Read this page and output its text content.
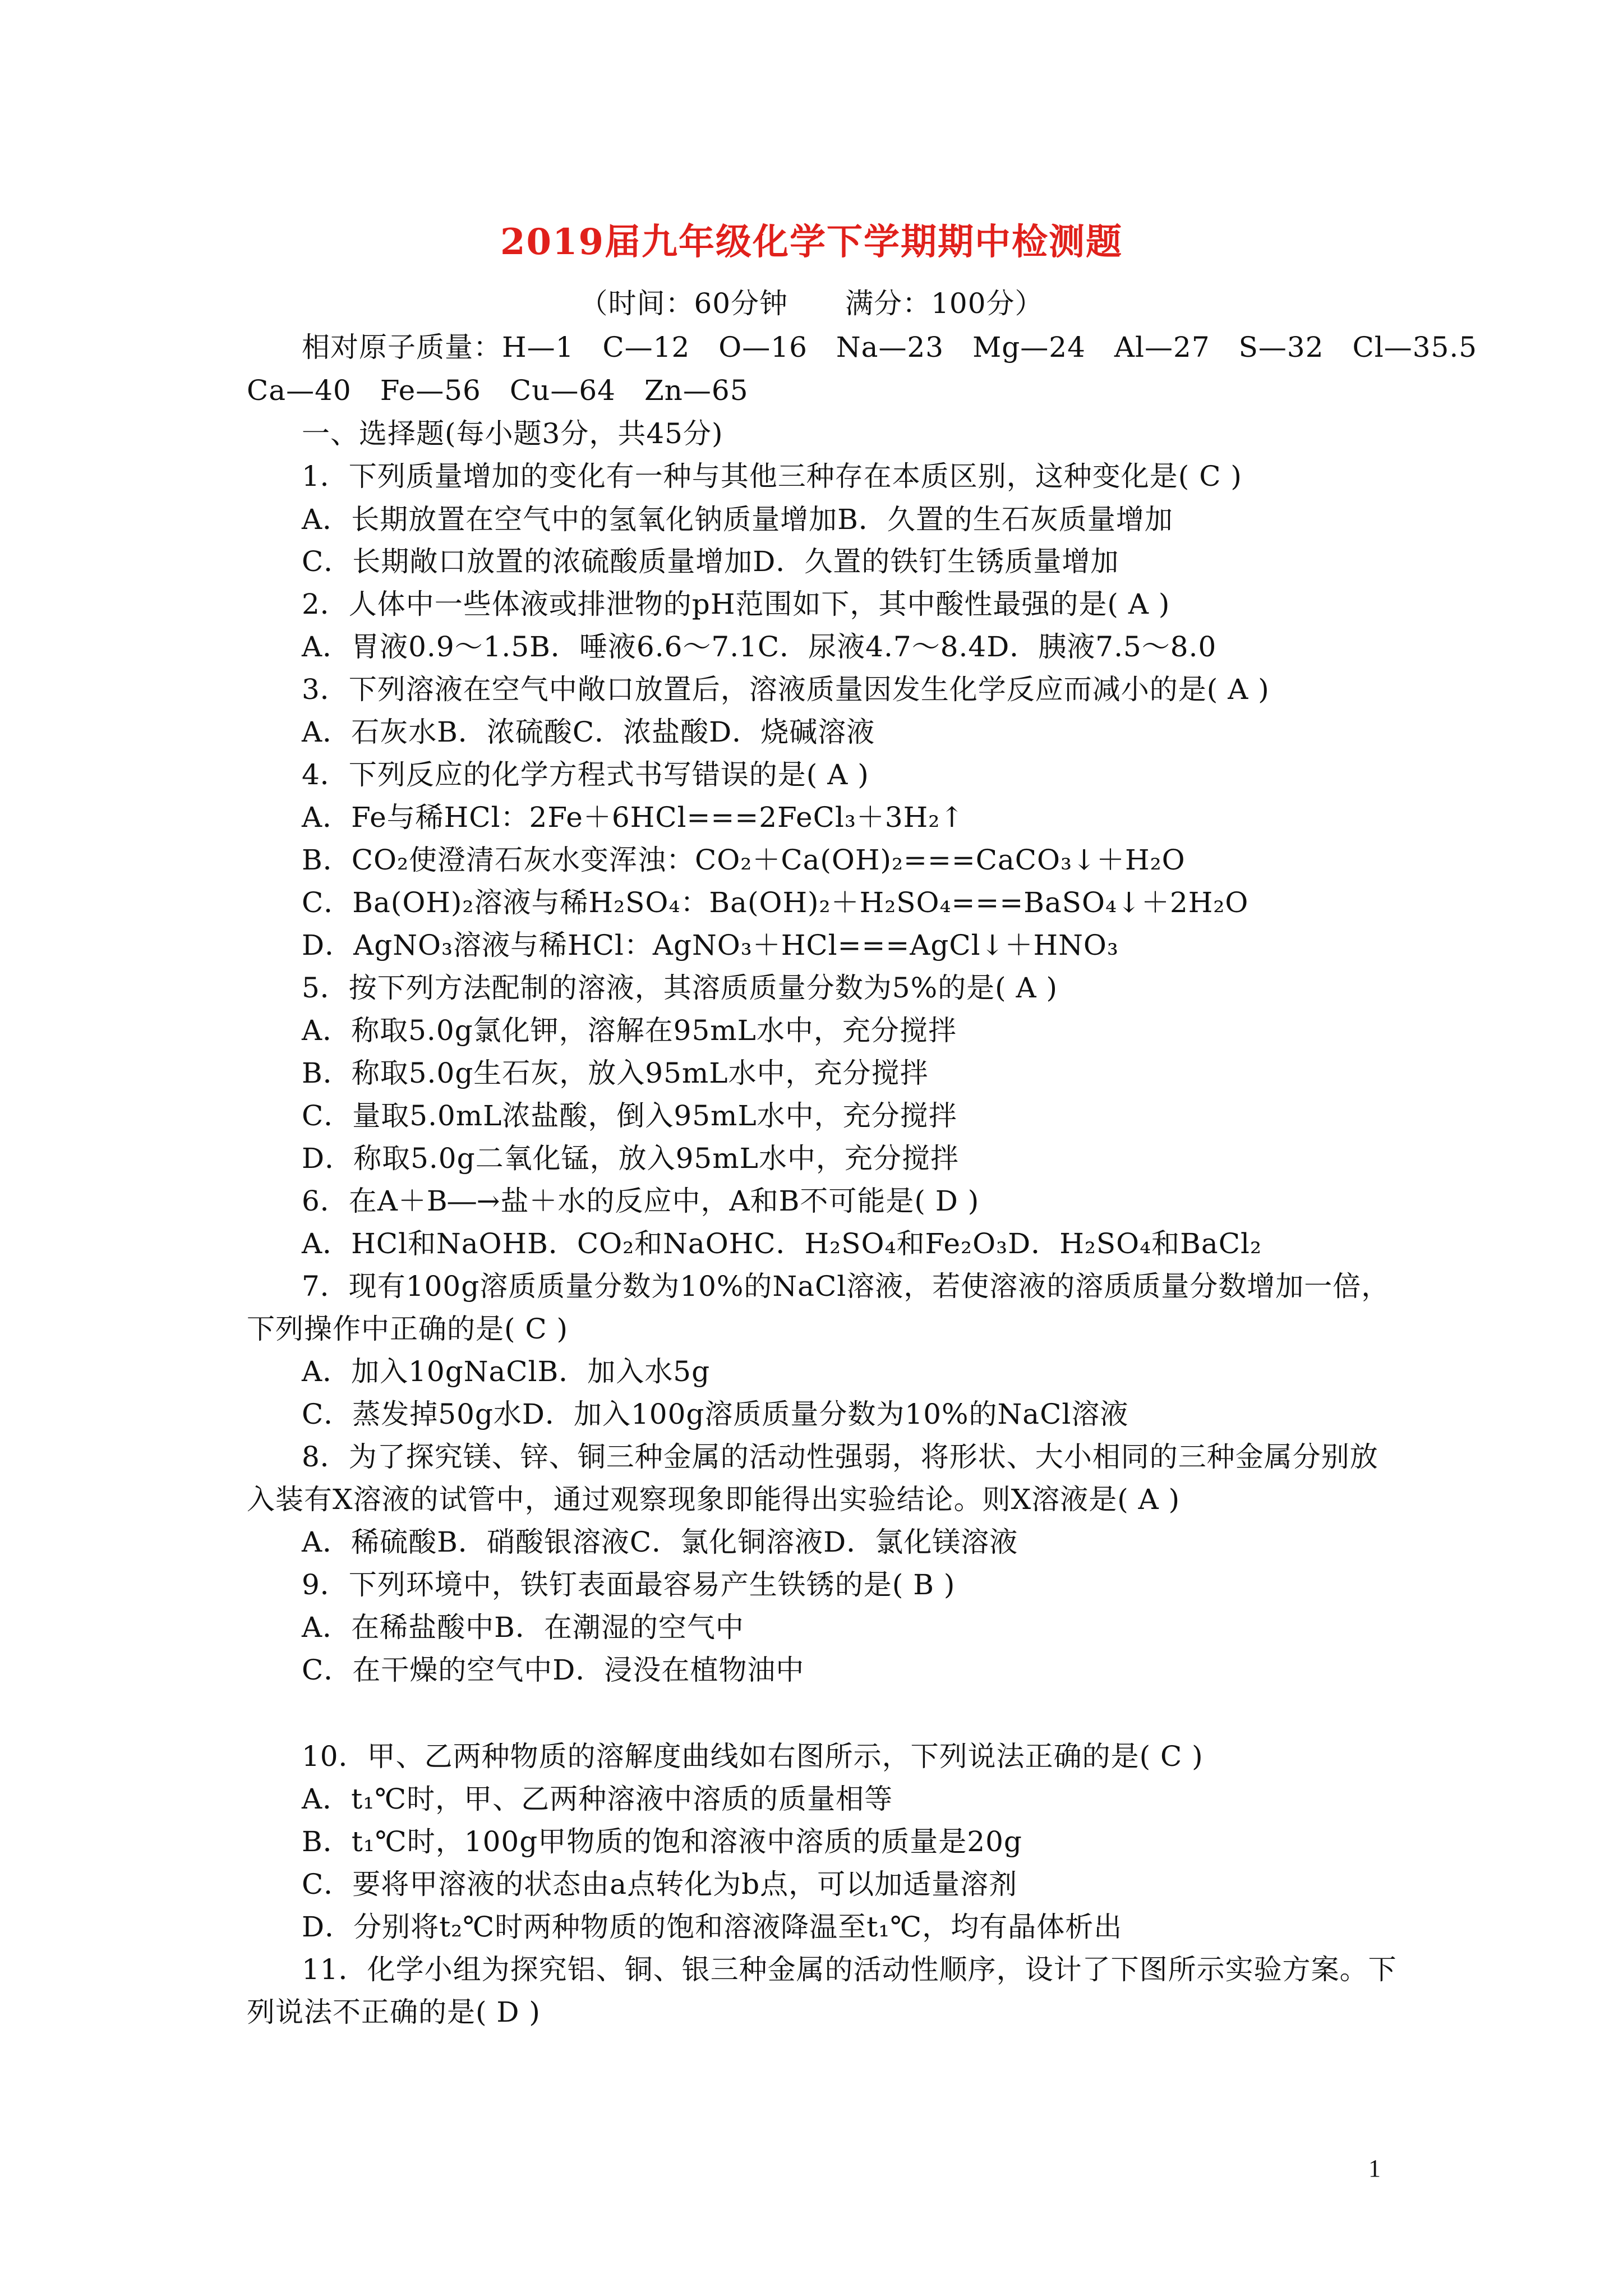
2019届九年级化学下学期期中检测题
（时间：60分钟　　满分：100分）
相对原子质量：H—1　C—12　O—16　Na—23　Mg—24　Al—27　S—32　Cl—35.5
Ca—40　Fe—56　Cu—64　Zn—65
一、选择题(每小题3分，共45分)
1．下列质量增加的变化有一种与其他三种存在本质区别，这种变化是( C )
A．长期放置在空气中的氢氧化钠质量增加B．久置的生石灰质量增加
C．长期敞口放置的浓硫酸质量增加D．久置的铁钉生锈质量增加
2．人体中一些体液或排泄物的pH范围如下，其中酸性最强的是( A )
A．胃液0.9～1.5B．唾液6.6～7.1C．尿液4.7～8.4D．胰液7.5～8.0
3．下列溶液在空气中敞口放置后，溶液质量因发生化学反应而减小的是( A )
A．石灰水B．浓硫酸C．浓盐酸D．烧碱溶液
4．下列反应的化学方程式书写错误的是( A )
A．Fe与稀HCl：2Fe＋6HCl===2FeCl₃＋3H₂↑
B．CO₂使澄清石灰水变浑浊：CO₂＋Ca(OH)₂===CaCO₃↓＋H₂O
C．Ba(OH)₂溶液与稀H₂SO₄：Ba(OH)₂＋H₂SO₄===BaSO₄↓＋2H₂O
D．AgNO₃溶液与稀HCl：AgNO₃＋HCl===AgCl↓＋HNO₃
5．按下列方法配制的溶液，其溶质质量分数为5%的是( A )
A．称取5.0g氯化钾，溶解在95mL水中，充分搅拌
B．称取5.0g生石灰，放入95mL水中，充分搅拌
C．量取5.0mL浓盐酸，倒入95mL水中，充分搅拌
D．称取5.0g二氧化锰，放入95mL水中，充分搅拌
6．在A＋B―→盐＋水的反应中，A和B不可能是( D )
A．HCl和NaOHB．CO₂和NaOHC．H₂SO₄和Fe₂O₃D．H₂SO₄和BaCl₂
7．现有100g溶质质量分数为10%的NaCl溶液，若使溶液的溶质质量分数增加一倍，
下列操作中正确的是( C )
A．加入10gNaClB．加入水5g
C．蒸发掉50g水D．加入100g溶质质量分数为10%的NaCl溶液
8．为了探究镁、锌、铜三种金属的活动性强弱，将形状、大小相同的三种金属分别放
入装有X溶液的试管中，通过观察现象即能得出实验结论。则X溶液是( A )
A．稀硫酸B．硝酸银溶液C．氯化铜溶液D．氯化镁溶液
9．下列环境中，铁钉表面最容易产生铁锈的是( B )
A．在稀盐酸中B．在潮湿的空气中
C．在干燥的空气中D．浸没在植物油中
10．甲、乙两种物质的溶解度曲线如右图所示，下列说法正确的是( C )
A．t₁℃时，甲、乙两种溶液中溶质的质量相等
B．t₁℃时，100g甲物质的饱和溶液中溶质的质量是20g
C．要将甲溶液的状态由a点转化为b点，可以加适量溶剂
D．分别将t₂℃时两种物质的饱和溶液降温至t₁℃，均有晶体析出
11．化学小组为探究铝、铜、银三种金属的活动性顺序，设计了下图所示实验方案。下
列说法不正确的是( D )
1
